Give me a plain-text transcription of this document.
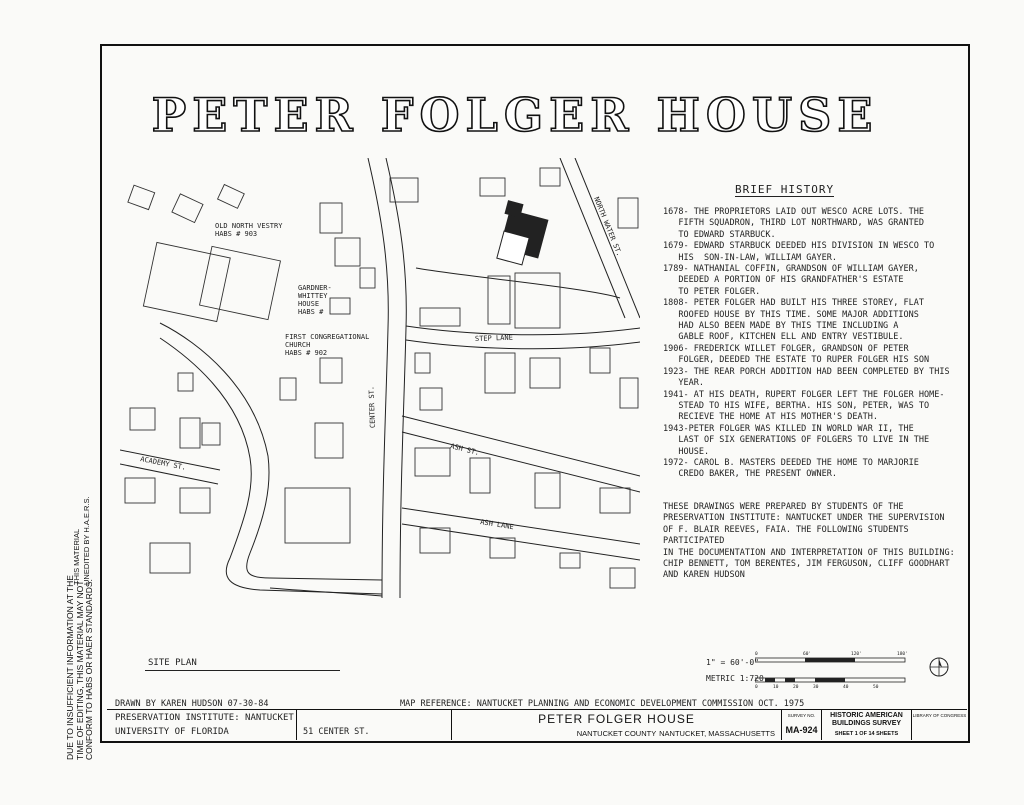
PETER FOLGER HOUSE
CENTER ST.
ACADEMY ST.
ASH ST.
ASH LANE
STEP LANE
NORTH WATER ST.
OLD NORTH VESTRY
HABS # 903
GARDNER-
WHITTEY
HOUSE
HABS #
FIRST CONGREGATIONAL
CHURCH
HABS # 902
BRIEF HISTORY
1678- THE PROPRIETORS LAID OUT WESCO ACRE LOTS. THE
FIFTH SQUADRON, THIRD LOT NORTHWARD, WAS GRANTED
TO EDWARD STARBUCK.
1679- EDWARD STARBUCK DEEDED HIS DIVISION IN WESCO TO
HIS  SON-IN-LAW, WILLIAM GAYER.
1789- NATHANIAL COFFIN, GRANDSON OF WILLIAM GAYER,
DEEDED A PORTION OF HIS GRANDFATHER'S ESTATE
TO PETER FOLGER.
1808- PETER FOLGER HAD BUILT HIS THREE STOREY, FLAT
ROOFED HOUSE BY THIS TIME. SOME MAJOR ADDITIONS
HAD ALSO BEEN MADE BY THIS TIME INCLUDING A
GABLE ROOF, KITCHEN ELL AND ENTRY VESTIBULE.
1906- FREDERICK WILLET FOLGER, GRANDSON OF PETER
FOLGER, DEEDED THE ESTATE TO RUPER FOLGER HIS SON
1923- THE REAR PORCH ADDITION HAD BEEN COMPLETED BY THIS
YEAR.
1941- AT HIS DEATH, RUPERT FOLGER LEFT THE FOLGER HOME-
STEAD TO HIS WIFE, BERTHA. HIS SON, PETER, WAS TO
RECIEVE THE HOME AT HIS MOTHER'S DEATH.
1943-PETER FOLGER WAS KILLED IN WORLD WAR II, THE
LAST OF SIX GENERATIONS OF FOLGERS TO LIVE IN THE
HOUSE.
1972- CAROL B. MASTERS DEEDED THE HOME TO MARJORIE
CREDO BAKER, THE PRESENT OWNER.
THESE DRAWINGS WERE PREPARED BY STUDENTS OF THE
PRESERVATION INSTITUTE: NANTUCKET UNDER THE SUPERVISION
OF F. BLAIR REEVES, FAIA. THE FOLLOWING STUDENTS PARTICIPATED
IN THE DOCUMENTATION AND INTERPRETATION OF THIS BUILDING:
CHIP BENNETT, TOM BERENTES, JIM FERGUSON, CLIFF GOODHART
AND KAREN HUDSON
SITE PLAN	1" = 60'-0"
METRIC 1:720
0	60'	120'	180'
0	10	20	30	40	50
DRAWN BY KAREN HUDSON 07-30-84	MAP REFERENCE: NANTUCKET PLANNING AND ECONOMIC DEVELOPMENT COMMISSION OCT. 1975
PRESERVATION INSTITUTE: NANTUCKET
UNIVERSITY OF FLORIDA	51 CENTER ST.
PETER FOLGER HOUSE
NANTUCKET COUNTY NANTUCKET, MASSACHUSETTS
SURVEY NO.
MA-924
HISTORIC AMERICAN
BUILDINGS SURVEY
SHEET 1 OF 14 SHEETS
LIBRARY OF CONGRESS
DUE TO INSUFFICIENT INFORMATION AT THE TIME OF EDITING, THIS MATERIAL MAY NOT CONFORM TO HABS OR HAER STANDARDS.
THIS MATERIAL UNEDITED BY H.A.E.R.S.
